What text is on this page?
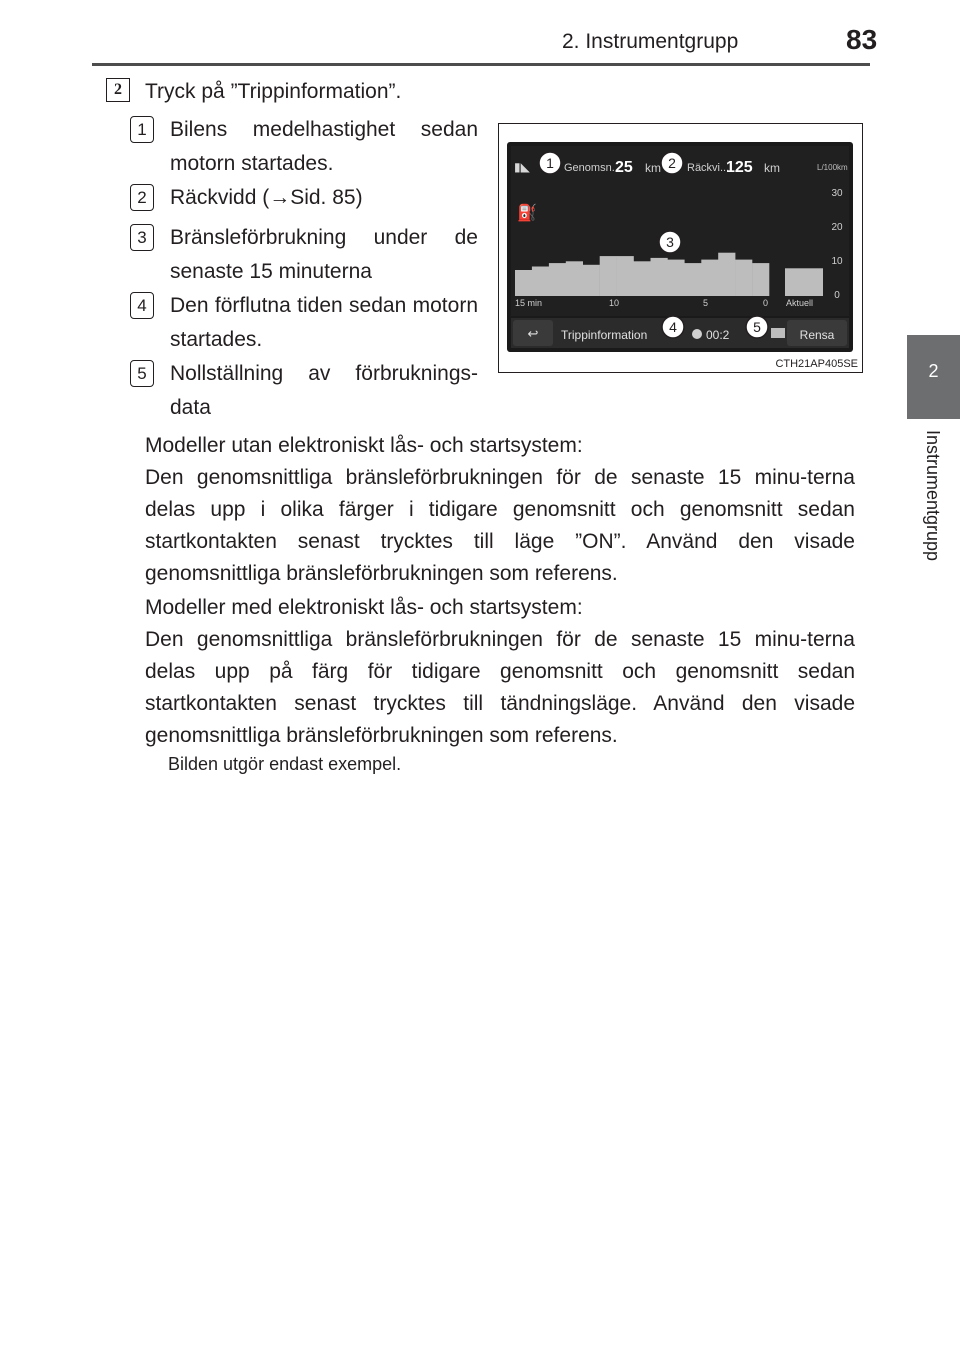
2. Instrumentgrupp	83
2
Instrumentgrupp
2	Tryck på ”Trippinformation”.
1	Bilens medelhastighet sedan motorn startades.
2	Räckvidd (→Sid. 85)
3	Bränsleförbrukning under de senaste 15 minuterna
4	Den förflutna tiden sedan motorn startades.
5	Nollställning av förbruknings-data
Modeller utan elektroniskt lås- och startsystem:
Den genomsnittliga bränsleförbrukningen för de senaste 15 minu-terna delas upp i olika färger i tidigare genomsnitt och genomsnitt sedan startkontakten senast trycktes till läge ”ON”. Använd den visade genomsnittliga bränsleförbrukningen som referens.
Modeller med elektroniskt lås- och startsystem:
Den genomsnittliga bränsleförbrukningen för de senaste 15 minu-terna delas upp på färg för tidigare genomsnitt och genomsnitt sedan startkontakten senast trycktes till tändningsläge. Använd den visade genomsnittliga bränsleförbrukningen som referens.
Bilden utgör endast exempel.
▮◣
⛽
Genomsn...
25 km Räckvi...
125 km	L/100km
30
20
10
0
15 min	10	5	0 Aktuell
↩ Trippinformation	00:2	Rensa
1	2
3
4	5
CTH21AP405SE
